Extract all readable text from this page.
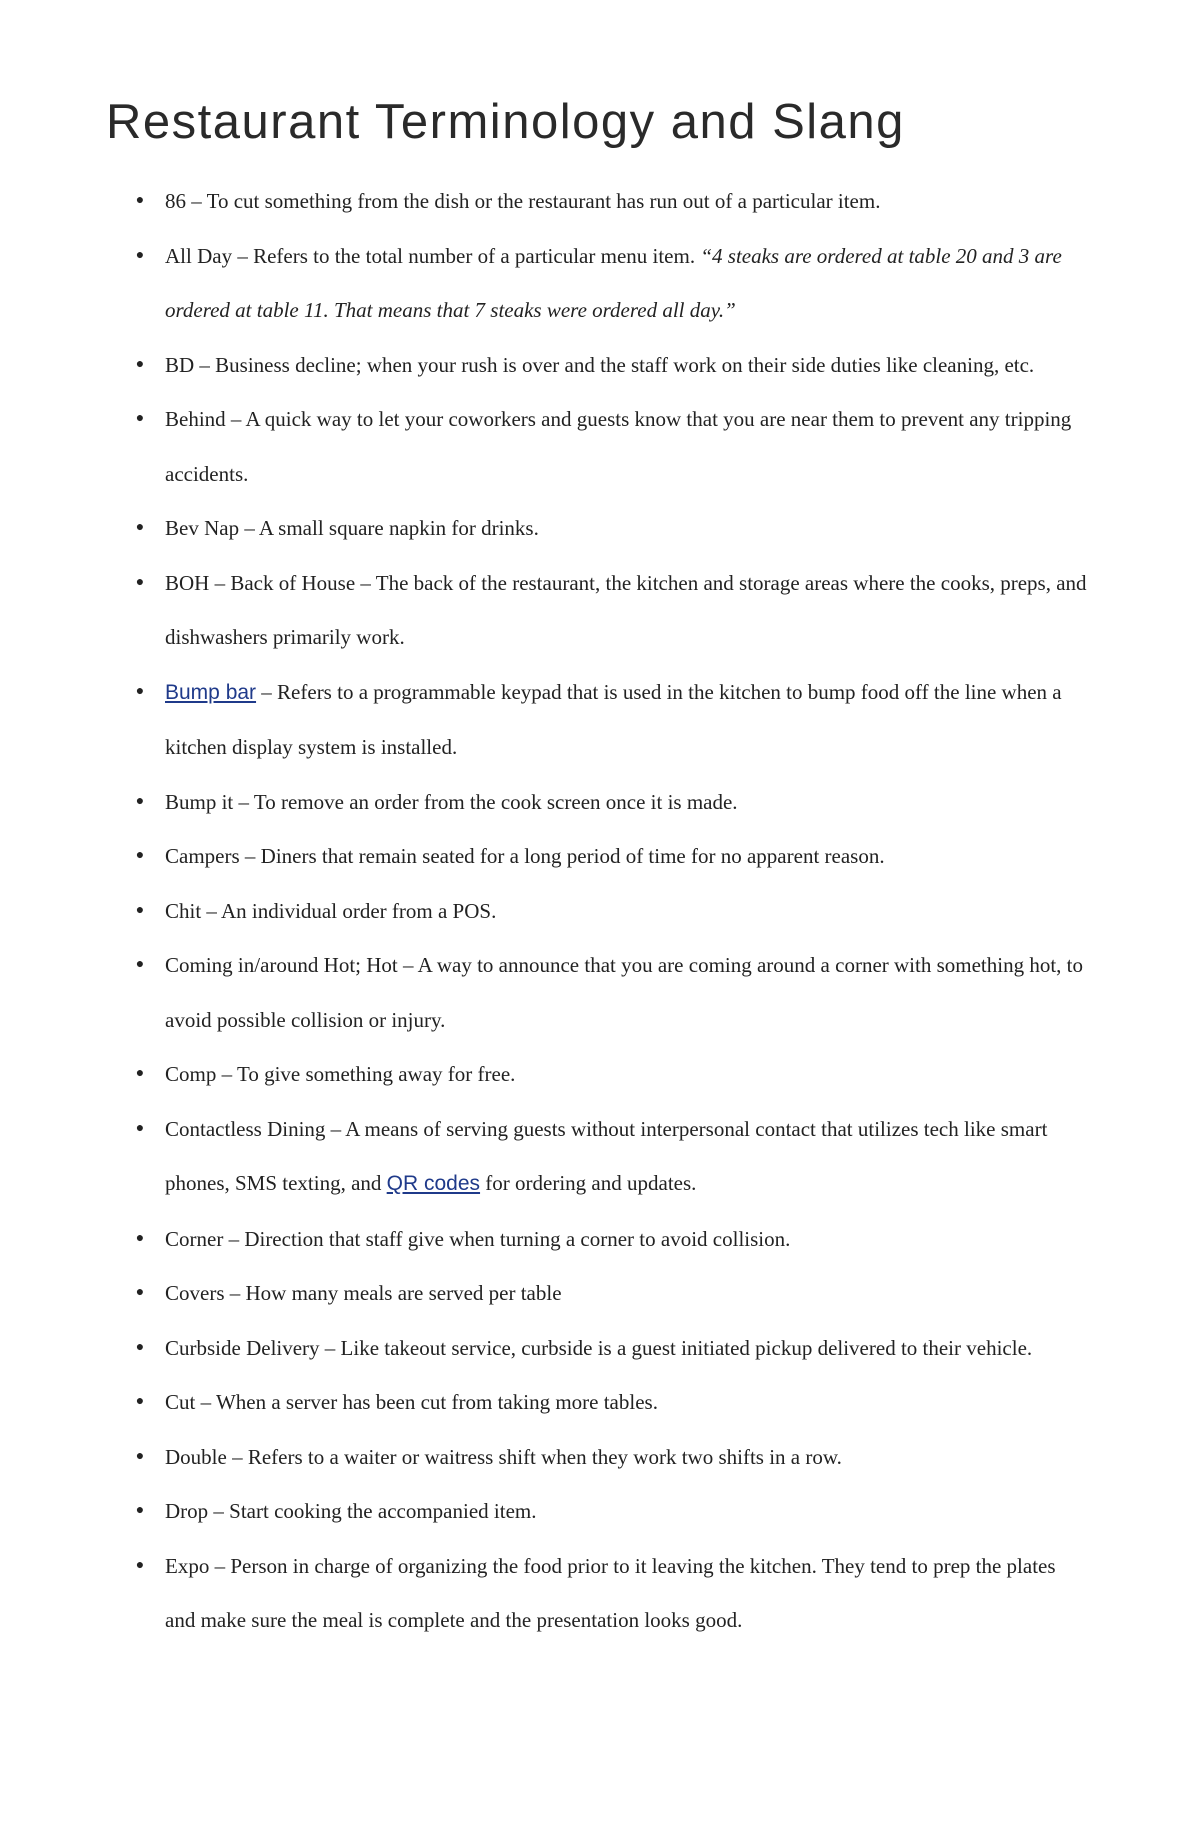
Restaurant Terminology and Slang
● 86 – To cut something from the dish or the restaurant has run out of a particular item.
● All Day – Refers to the total number of a particular menu item. “4 steaks are ordered at table 20 and 3 are ordered at table 11. That means that 7 steaks were ordered all day.”
● BD – Business decline; when your rush is over and the staff work on their side duties like cleaning, etc.
● Behind – A quick way to let your coworkers and guests know that you are near them to prevent any tripping accidents.
● Bev Nap – A small square napkin for drinks.
● BOH – Back of House – The back of the restaurant, the kitchen and storage areas where the cooks, preps, and dishwashers primarily work.
● Bump bar – Refers to a programmable keypad that is used in the kitchen to bump food off the line when a kitchen display system is installed.
● Bump it – To remove an order from the cook screen once it is made.
● Campers – Diners that remain seated for a long period of time for no apparent reason.
● Chit – An individual order from a POS.
● Coming in/around Hot; Hot – A way to announce that you are coming around a corner with something hot, to avoid possible collision or injury.
● Comp – To give something away for free.
● Contactless Dining – A means of serving guests without interpersonal contact that utilizes tech like smart phones, SMS texting, and QR codes for ordering and updates.
● Corner – Direction that staff give when turning a corner to avoid collision.
● Covers – How many meals are served per table
● Curbside Delivery – Like takeout service, curbside is a guest initiated pickup delivered to their vehicle.
● Cut – When a server has been cut from taking more tables.
● Double – Refers to a waiter or waitress shift when they work two shifts in a row.
● Drop – Start cooking the accompanied item.
● Expo – Person in charge of organizing the food prior to it leaving the kitchen. They tend to prep the plates and make sure the meal is complete and the presentation looks good.
